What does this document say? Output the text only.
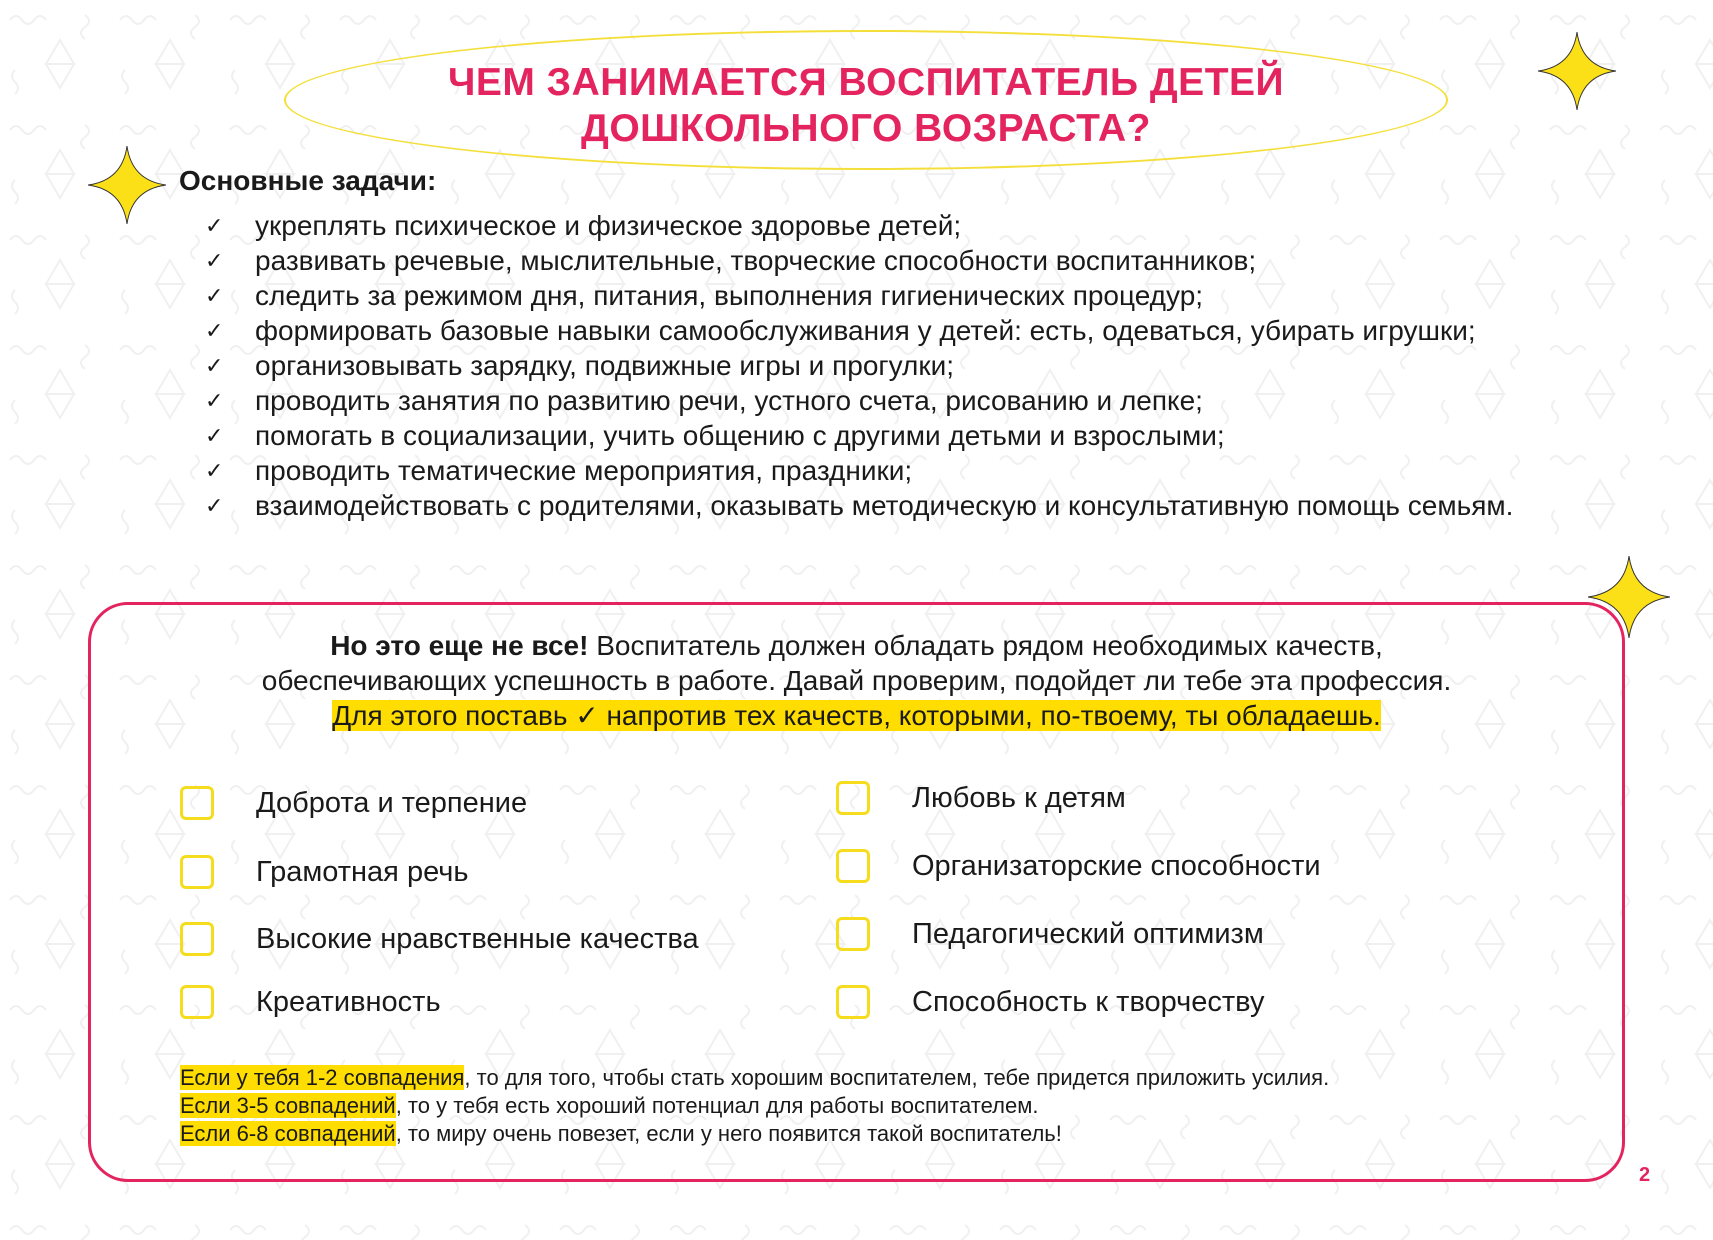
ЧЕМ ЗАНИМАЕТСЯ ВОСПИТАТЕЛЬ ДЕТЕЙ
ДОШКОЛЬНОГО ВОЗРАСТА?
Основные задачи:
✓ укреплять психическое и физическое здоровье детей;
✓ развивать речевые, мыслительные, творческие способности воспитанников;
✓ следить за режимом дня, питания, выполнения гигиенических процедур;
✓ формировать базовые навыки самообслуживания у детей: есть, одеваться, убирать игрушки;
✓ организовывать зарядку, подвижные игры и прогулки;
✓ проводить занятия по развитию речи, устного счета, рисованию и лепке;
✓ помогать в социализации, учить общению с другими детьми и взрослыми;
✓ проводить тематические мероприятия, праздники;
✓ взаимодействовать с родителями, оказывать методическую и консультативную помощь семьям.
Но это еще не все! Воспитатель должен обладать рядом необходимых качеств,
обеспечивающих успешность в работе. Давай проверим, подойдет ли тебе эта профессия.
Для этого поставь ✓ напротив тех качеств, которыми, по-твоему, ты обладаешь.
Доброта и терпение
Грамотная речь
Высокие нравственные качества
Креативность
Любовь к детям
Организаторские способности
Педагогический оптимизм
Способность к творчеству
Если у тебя 1-2 совпадения, то для того, чтобы стать хорошим воспитателем, тебе придется приложить усилия.
Если 3-5 совпадений, то у тебя есть хороший потенциал для работы воспитателем.
Если 6-8 совпадений, то миру очень повезет, если у него появится такой воспитатель!
2
